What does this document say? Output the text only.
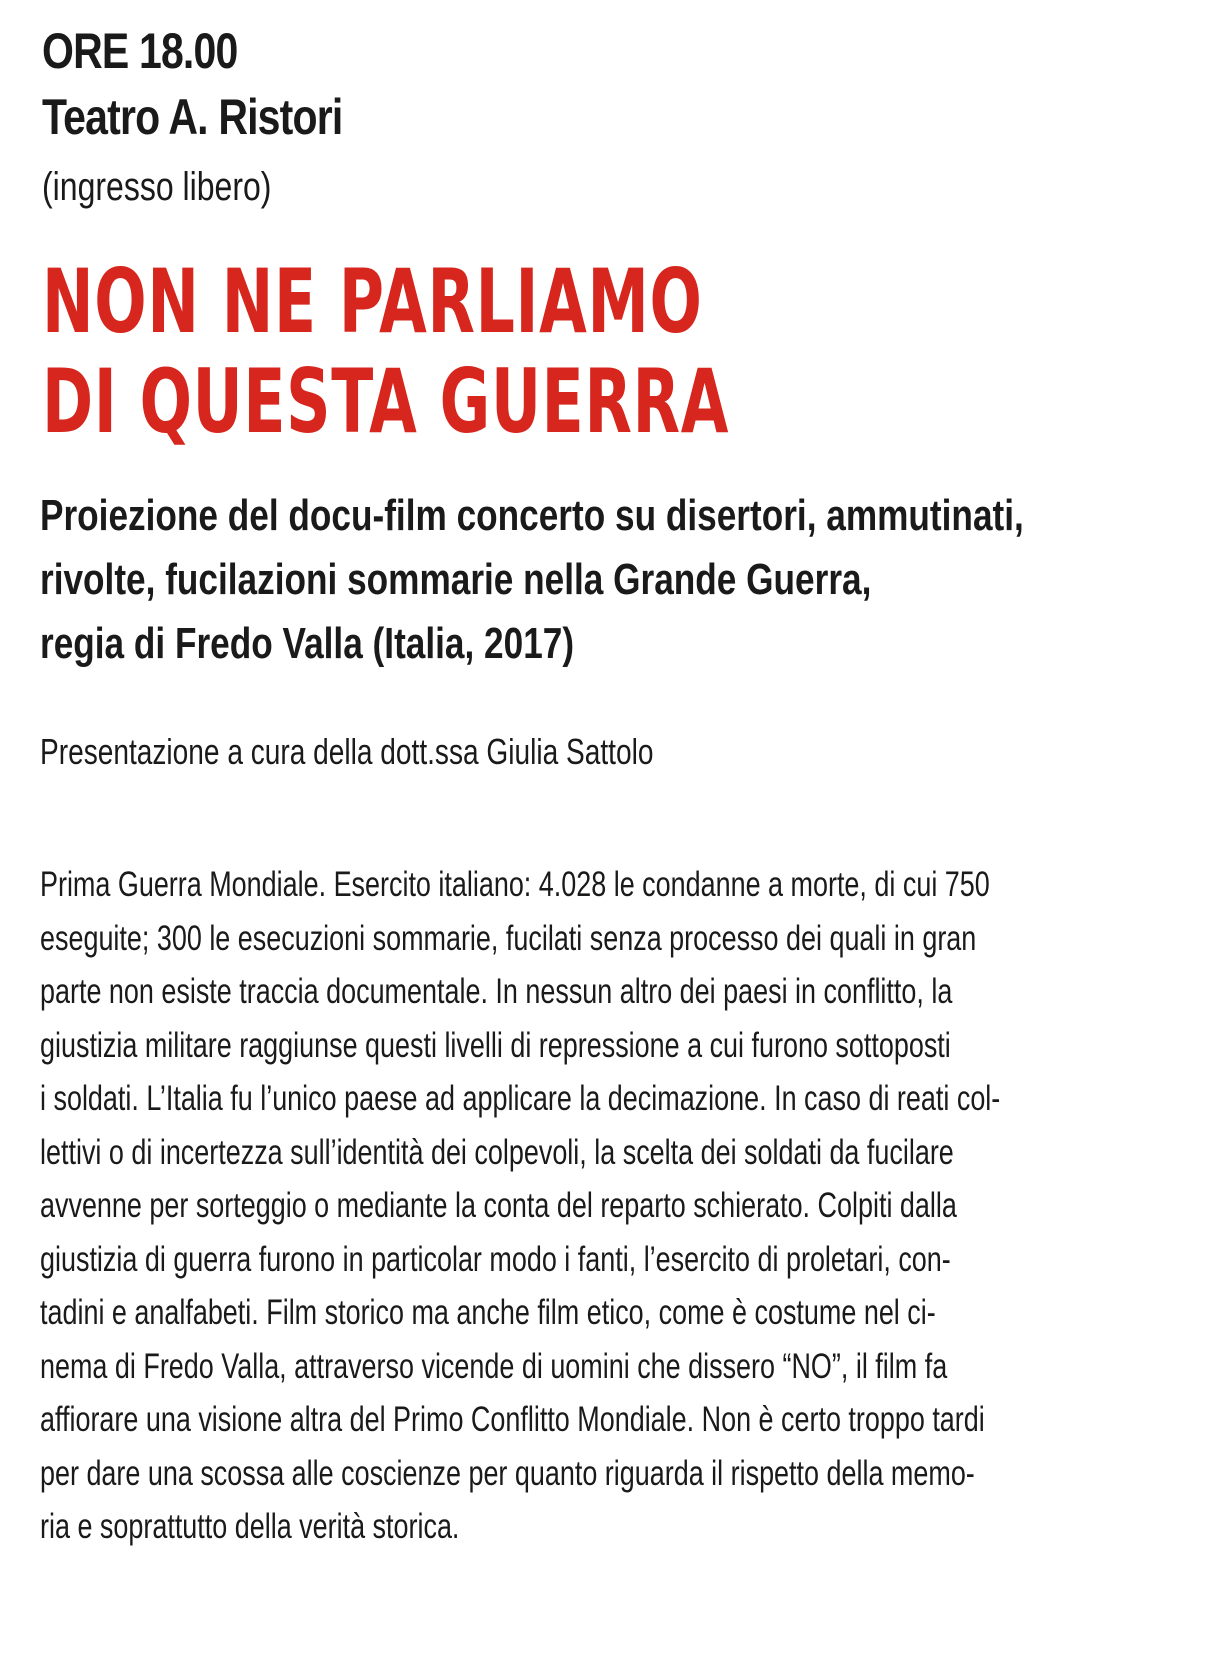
ORE 18.00
Teatro A. Ristori
(ingresso libero)
NON NE PARLIAMO
DI QUESTA GUERRA
Proiezione del docu-film concerto su disertori, ammutinati,
rivolte, fucilazioni sommarie nella Grande Guerra,
regia di Fredo Valla (Italia, 2017)
Presentazione a cura della dott.ssa Giulia Sattolo
Prima Guerra Mondiale. Esercito italiano: 4.028 le condanne a morte, di cui 750
eseguite; 300 le esecuzioni sommarie, fucilati senza processo dei quali in gran
parte non esiste traccia documentale. In nessun altro dei paesi in conflitto, la
giustizia militare raggiunse questi livelli di repressione a cui furono sottoposti
i soldati. L’Italia fu l’unico paese ad applicare la decimazione. In caso di reati col-
lettivi o di incertezza sull’identità dei colpevoli, la scelta dei soldati da fucilare
avvenne per sorteggio o mediante la conta del reparto schierato. Colpiti dalla
giustizia di guerra furono in particolar modo i fanti, l’esercito di proletari, con-
tadini e analfabeti. Film storico ma anche film etico, come è costume nel ci-
nema di Fredo Valla, attraverso vicende di uomini che dissero “NO”, il film fa
affiorare una visione altra del Primo Conflitto Mondiale. Non è certo troppo tardi
per dare una scossa alle coscienze per quanto riguarda il rispetto della memo-
ria e soprattutto della verità storica.
